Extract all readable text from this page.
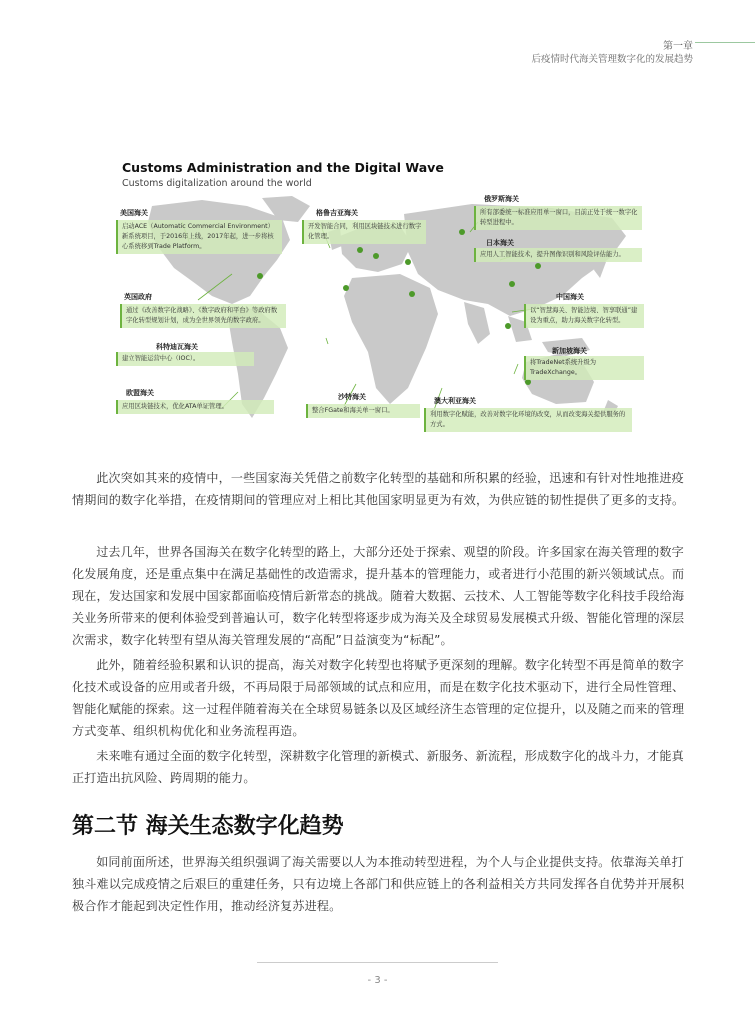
第一章
后疫情时代海关管理数字化的发展趋势
Customs Administration and the Digital Wave
Customs digitalization around the world
美国海关
启动ACE（Automatic Commercial Environment）新系统项目，于2016年上线，2017年起，进一步将核心系统移到Trade Platform。
格鲁吉亚海关
开发智能合同，利用区块链技术进行数字化管理。
俄罗斯海关
所有部委统一标准应用单一窗口，目前正处于统一数字化转型进程中。
日本海关
应用人工智能技术，提升图像识别和风险评估能力。
英国政府
通过《改善数字化战略》、《数字政府和平台》等政府数字化转型规划计划，成为全世界领先的数字政府。
中国海关
以“智慧海关、智能边境、智享联通”建设为重点，助力海关数字化转型。
科特迪瓦海关
建立智能运营中心（IOC）。
新加坡海关
将TradeNet系统升级为TradeXchange。
欧盟海关
应用区块链技术，优化ATA单证管理。
沙特海关
整合FGate和海关单一窗口。
澳大利亚海关
利用数字化赋能，改善对数字化环境的改变，从而改变海关提供服务的方式。

此次突如其来的疫情中，一些国家海关凭借之前数字化转型的基础和所积累的经验，迅速和有针对性地推进疫情期间的数字化举措，在疫情期间的管理应对上相比其他国家明显更为有效，为供应链的韧性提供了更多的支持。

过去几年，世界各国海关在数字化转型的路上，大部分还处于探索、观望的阶段。许多国家在海关管理的数字化发展角度，还是重点集中在满足基础性的改造需求，提升基本的管理能力，或者进行小范围的新兴领域试点。而现在，发达国家和发展中国家都面临疫情后新常态的挑战。随着大数据、云技术、人工智能等数字化科技手段给海关业务所带来的便利体验受到普遍认可，数字化转型将逐步成为海关及全球贸易发展模式升级、智能化管理的深层次需求，数字化转型有望从海关管理发展的“高配”日益演变为“标配”。

此外，随着经验积累和认识的提高，海关对数字化转型也将赋予更深刻的理解。数字化转型不再是简单的数字化技术或设备的应用或者升级，不再局限于局部领域的试点和应用，而是在数字化技术驱动下，进行全局性管理、智能化赋能的探索。这一过程伴随着海关在全球贸易链条以及区域经济生态管理的定位提升，以及随之而来的管理方式变革、组织机构优化和业务流程再造。

未来唯有通过全面的数字化转型，深耕数字化管理的新模式、新服务、新流程，形成数字化的战斗力，才能真正打造出抗风险、跨周期的能力。

第二节 海关生态数字化趋势

如同前面所述，世界海关组织强调了海关需要以人为本推动转型进程，为个人与企业提供支持。依靠海关单打独斗难以完成疫情之后艰巨的重建任务，只有边境上各部门和供应链上的各利益相关方共同发挥各自优势并开展积极合作才能起到决定性作用，推动经济复苏进程。

- 3 -
